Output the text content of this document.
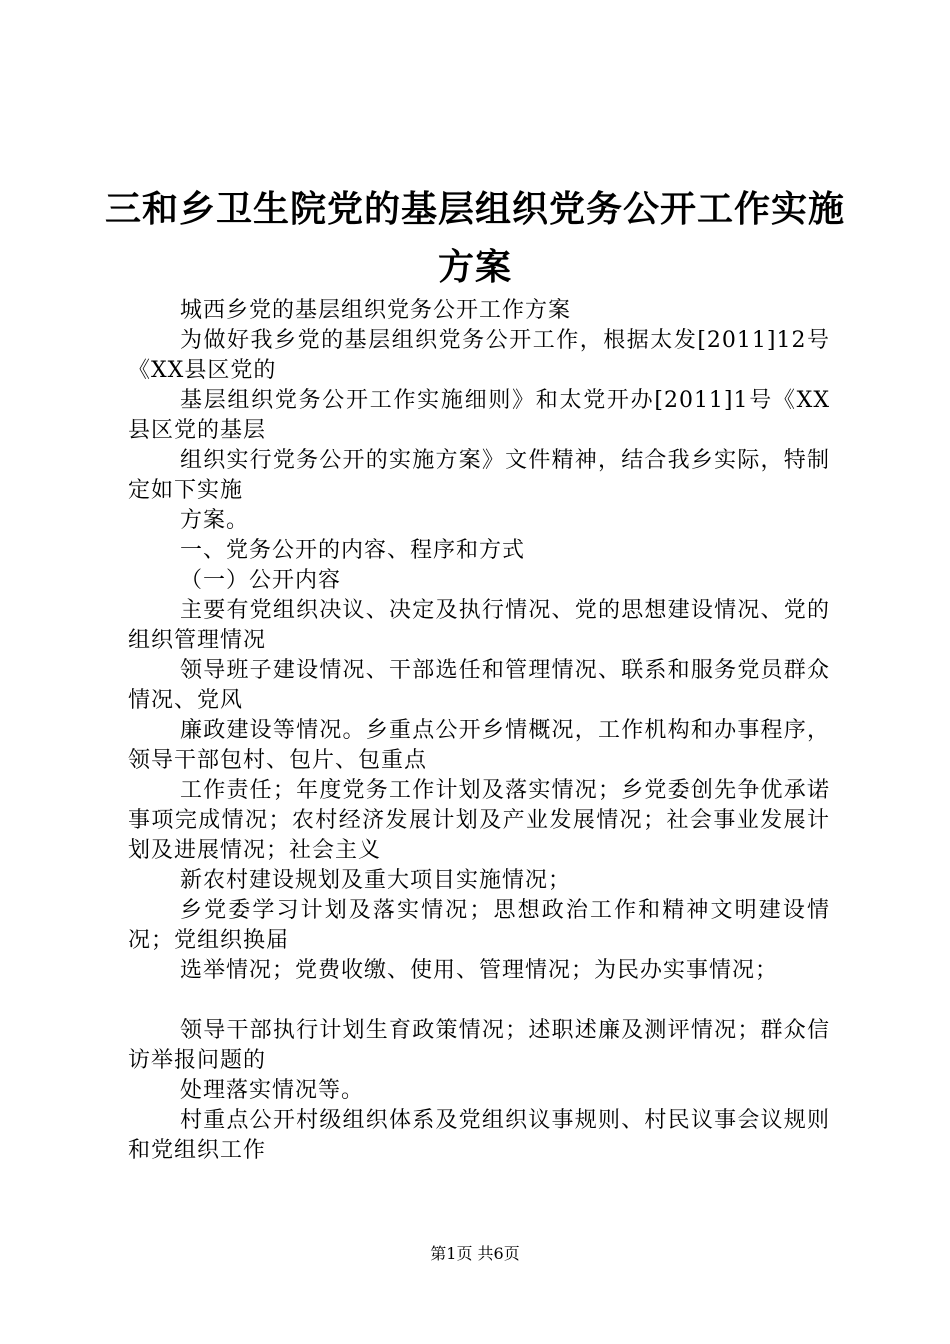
三和乡卫生院党的基层组织党务公开工作实施
方案

城西乡党的基层组织党务公开工作方案

为做好我乡党的基层组织党务公开工作，根据太发[2011]12号《XX县区党的

基层组织党务公开工作实施细则》和太党开办[2011]1号《XX县区党的基层

组织实行党务公开的实施方案》文件精神，结合我乡实际，特制定如下实施

方案。

一、党务公开的内容、程序和方式

（一）公开内容

主要有党组织决议、决定及执行情况、党的思想建设情况、党的组织管理情况

领导班子建设情况、干部选任和管理情况、联系和服务党员群众情况、党风

廉政建设等情况。乡重点公开乡情概况，工作机构和办事程序，领导干部包村、包片、包重点

工作责任；年度党务工作计划及落实情况；乡党委创先争优承诺事项完成情况；农村经济发展计划及产业发展情况；社会事业发展计划及进展情况；社会主义

新农村建设规划及重大项目实施情况；

乡党委学习计划及落实情况；思想政治工作和精神文明建设情况；党组织换届

选举情况；党费收缴、使用、管理情况；为民办实事情况；

领导干部执行计划生育政策情况；述职述廉及测评情况；群众信访举报问题的

处理落实情况等。

村重点公开村级组织体系及党组织议事规则、村民议事会议规则和党组织工作

第1页 共6页
